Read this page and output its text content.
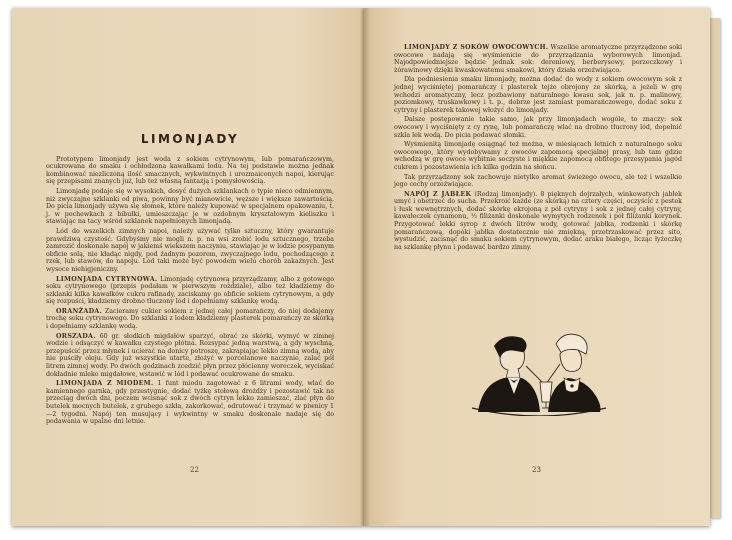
LIMONJADY

Prototypem limonjady jest woda z sokiem cytrynowym, lub pomarańczowym, ocukrowana do smaku i ochłodzona kawałkami lodu. Na tej podstawie można jednak kombinować niezliczoną ilość smacznych, wykwintnych i urozmaiconych napoi, kierując się przepisami znanych już, lub też własną fantazją i pomysłowością.

Limonjadę podaje się w wysokich, dosyć dużych szklankach o typie nieco odmiennym, niż zwyczajne szklanki od piwa, powinny być mianowicie, węższe i większe zawartością. Do picia limonjady używa się słomek, które należy kupować w specjalnem opakowaniu, t. j. w pochewkach z bibułki, umieszczając je w ozdobnym kryształowym kieliszku i stawiając na tacy wśród szklanek napełnionych limonjadą.

Lód do wszelkich zimnych napoi, należy używać tylko sztuczny, który gwarantuje prawdziwą czystość. Gdybyśmy nie mogli n. p. na wsi zrobić lodu sztucznego, trzeba zamrozić doskonale napój w jakiemś wiekszem naczyniu, stawiając je w lodzie posypanym obficie solą, nie kładąc nigdy, pod żadnym pozorem, zwyczajnego lodu, pochodzącego z rzek, lub stawów, do napoju. Lód taki może być powodem wielu chorób zakaźnych. Jest wysoce niehigjeniczny.

LIMONJADA CYTRYNOWA. Limonjadę cytrynową przyrządzamy, albo z gotowego soku cytrynowego (przepis podałam w pierwszym rozdziale), albo też kładziemy do szklanki kilka kawałków cukru rafinady, zaciskamy go obficie sokiem cytrynowym, a gdy się rozpuści, kładziemy drobno tłuczony lód i dopełniamy szklankę wodą.

ORANŻADA. Zacieramy cukier sokiem z jednej całej pomarańczy, do niej dodajemy trochę soku cytrynowego. Do szklanki z lodem kładziemy plasterek pomarańczy ze skórką i dopełniamy szklankę wodą.

ORSZADA. 60 gr. słodkich migdałów sparzyć, obrać ze skórki, wymyć w zimnej wodzie i odsączyć w kawałku czystego płótna. Rozsypać jedną warstwą, a gdy wyschną, przepuścić przez młynek i ucierać na donicy potroszę, zakrapiając lekko zimną wodą, aby nie puściły oleju. Gdy już wszystkie utarte, złożyć w porcelanowe naczynie, zalać pół litrem zimnej wody. Po dwóch godzinach zcedzić płyn przez płócienny woreczek, wyciskać dokładnie mleko migdałowe, wstawić w lód i podawać ocukrowane do smaku.

LIMONJADA Z MIODEM. 1 funt miodu zagotować z 6 litrami wody, wlać do kamiennego garnka, gdy przestygnie, dodać tyżkę stołową drożdży i pozostawić tak na przeciąg dwóch dni, poczem wcisnąć sok z dwóch cytryn lekko zamieszać, zlać płyn do butelek mocnych butelek, z grubego szkła, zakorkować, odrutować i trzymać w piwnicy 1—2 tygodni. Napój ten musujący i wykwintny w smaku doskonale nadaje się do podawania w upalne dni letnie.

22

LIMONJADY Z SOKÓW OWOCOWYCH. Wszelkie aromatyczne przyrządzone soki owocowe nadają się wyśmienicie do przyrządzania wyborowych limonjad. Najodpowiedniejsze będzie jednak sok: dereniowy, berberysowy, porzeczkowy i żórawinowy dzięki kwaskowatemu smakowi, który działa orzeźwiająco.

Dla podniesienia smaku limonjady, można dodać do wody z sokiem owocowym sok z jednej wyciśniętej pomarańczy i plasterek tejże obrojony ze skórką, a jeżeli w grę wchodzi aromatyczny, lecz pozbawiony naturalnego kwasu sok, jak n. p. malinowy, poziomkowy, truskawkowy i t. p., dobrze jest zamiast pomarańczowego, dodać soku z cytryny i plasterek takowej włożyć do limonjady.

Dalsze postępowanie takie samo, jak przy limonjadach wogóle, to znaczy: sok owocowy i wyciśnięty z cy rynę, lub pomarańczę wlać na drobno tłucrony lód, dopełnić szkla lek wodą. Do picia podawać słomki.

Wyśmienitą limonjadę osiągnąć też można, w miesiącach letnich z naturalnego soku owocowego, który wydobywamy z owoców zapomocą specjalnej prasy, lub tam gdzie wchodzą w grę owoce wybitnie soczyste i miękkie zapomocą obfitego przesypania jagód cukrem i pozostawienia ich kilka godzin na słońcu.

Tak przyrządzony sok zachowuje nietylko aromat świeżego owocu, ale też i wszelkie jego cechy orzeźwiające.

NAPÓJ Z JABŁEK (Rodzaj limonjady). 8 pięknych dojrzałych, winkowatych jabłek umyć i obetrzeć do sucha. Przekroić każde (ze skórką) na cztery części, oczyścić z pestek i łusk wewnętrznych, dodać skórkę ekrojoną z pół cytryny i sok z jednej całej cytryny, kawałeczek cynamonu, ½ filiżanki doskonale wymytych rodzenek i pół filiżanki korynek. Przygotować lekki syrop z dwóch litrów wody, gotować jabłka, rodzenki i skórkę pomarańczową, dopóki jabłka dostatecznie nie zmiękną, przetrzaskować przez sito, wystudzić, zacisnąć do smaku sokiem cytrynowym, dodać araku białego, licząc łyżeczkę na szklankę płynu i podawać bardzo zimny.

23
